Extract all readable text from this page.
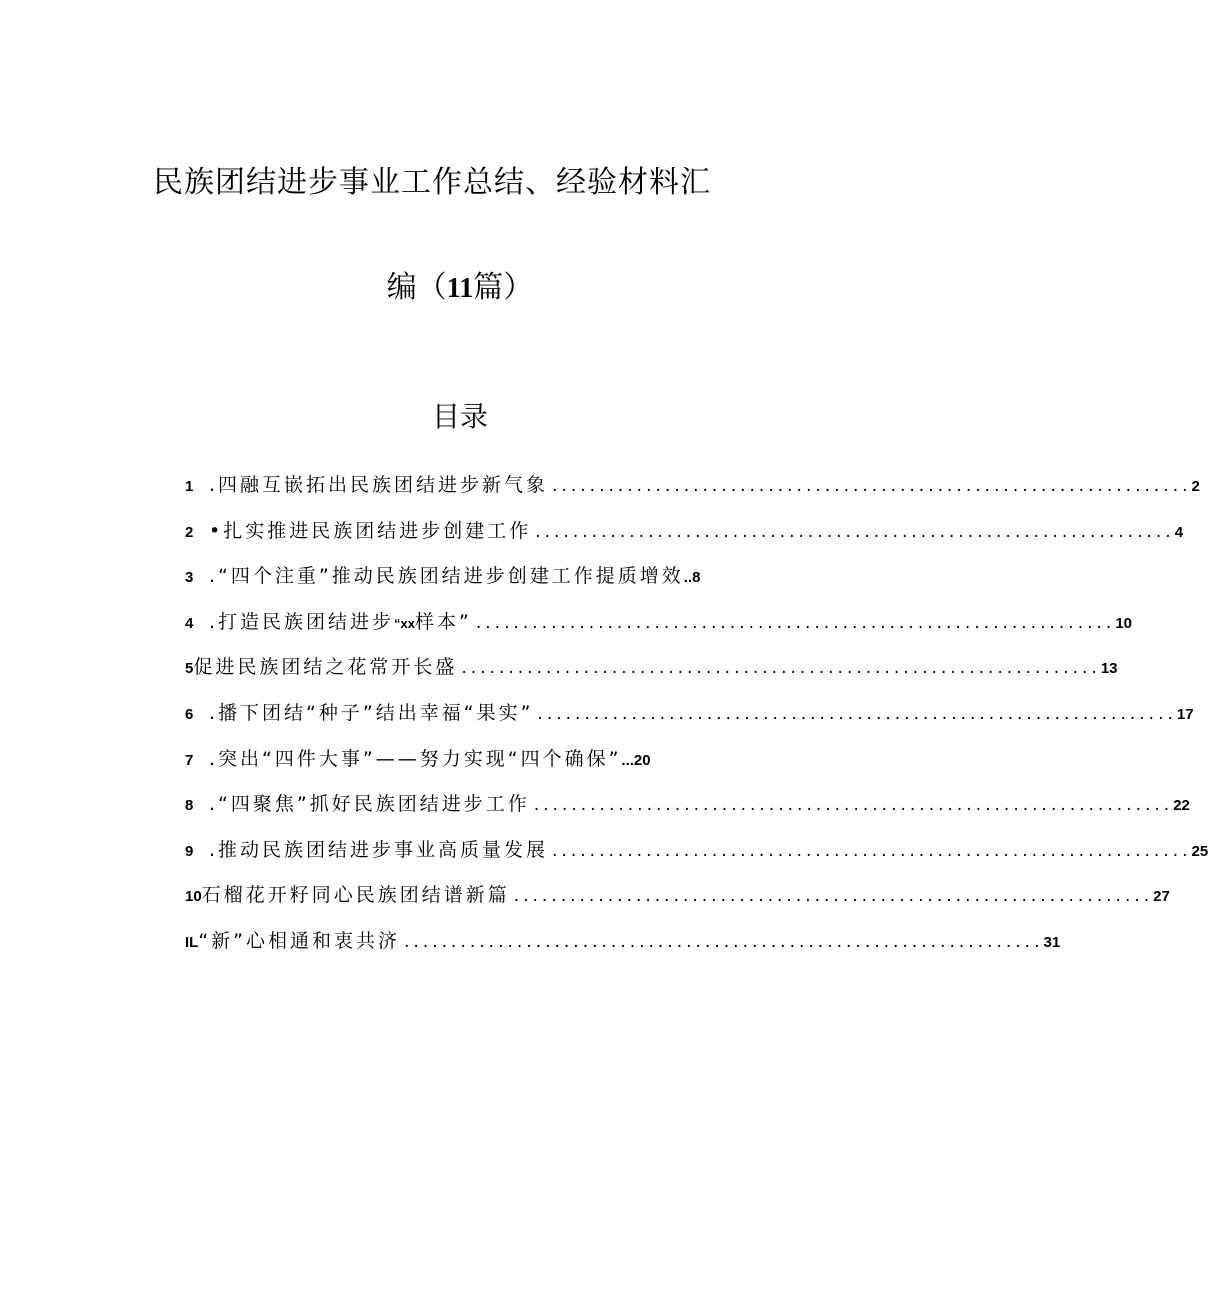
民族团结进步事业工作总结、经验材料汇
编（11篇）
目录
1 .四融互嵌拓出民族团结进步新气象 .................................................................... 2
2 •扎实推进民族团结进步创建工作 .................................................................... 4
3 .“四个注重”推动民族团结进步创建工作提质增效 ..8
4 .打造民族团结进步“xx样本” .................................................................... 10
5 促进民族团结之花常开长盛 .................................................................... 13
6 .播下团结“种子”结出幸福“果实” .................................................................... 17
7 .突出“四件大事”——努力实现“四个确保” ...20
8 .“四聚焦”抓好民族团结进步工作 .................................................................... 22
9 .推动民族团结进步事业高质量发展 .................................................................... 25
10 石榴花开籽同心民族团结谱新篇 .................................................................... 27
IL “新”心相通和衷共济 .................................................................... 31
